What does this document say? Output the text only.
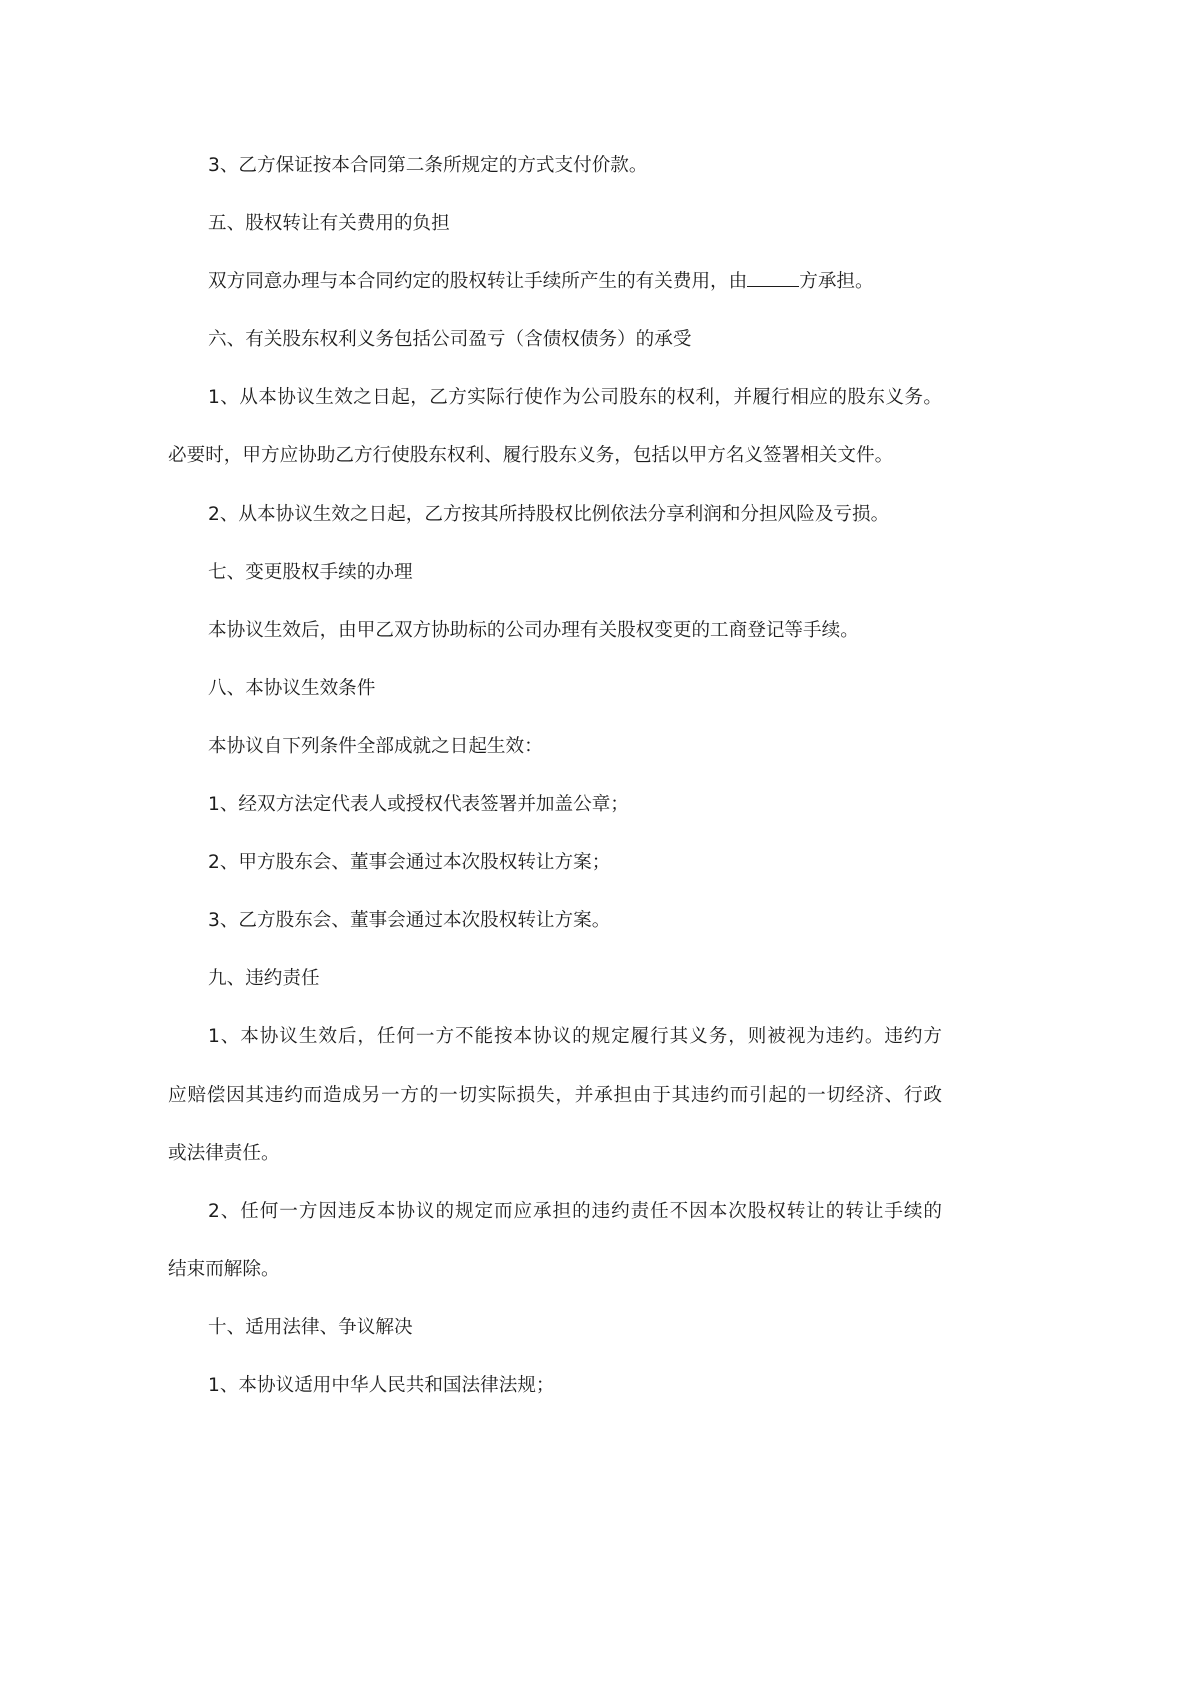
3、乙方保证按本合同第二条所规定的方式支付价款。
五、股权转让有关费用的负担
双方同意办理与本合同约定的股权转让手续所产生的有关费用，由	方承担。
六、有关股东权利义务包括公司盈亏（含债权债务）的承受
1、从本协议生效之日起，乙方实际行使作为公司股东的权利，并履行相应的股东义务。
必要时，甲方应协助乙方行使股东权利、履行股东义务，包括以甲方名义签署相关文件。
2、从本协议生效之日起，乙方按其所持股权比例依法分享利润和分担风险及亏损。
七、变更股权手续的办理
本协议生效后，由甲乙双方协助标的公司办理有关股权变更的工商登记等手续。
八、本协议生效条件
本协议自下列条件全部成就之日起生效：
1、经双方法定代表人或授权代表签署并加盖公章；
2、甲方股东会、董事会通过本次股权转让方案；
3、乙方股东会、董事会通过本次股权转让方案。
九、违约责任
1、本协议生效后，任何一方不能按本协议的规定履行其义务，则被视为违约。违约方
应赔偿因其违约而造成另一方的一切实际损失，并承担由于其违约而引起的一切经济、行政
或法律责任。
2、任何一方因违反本协议的规定而应承担的违约责任不因本次股权转让的转让手续的
结束而解除。
十、适用法律、争议解决
1、本协议适用中华人民共和国法律法规；
